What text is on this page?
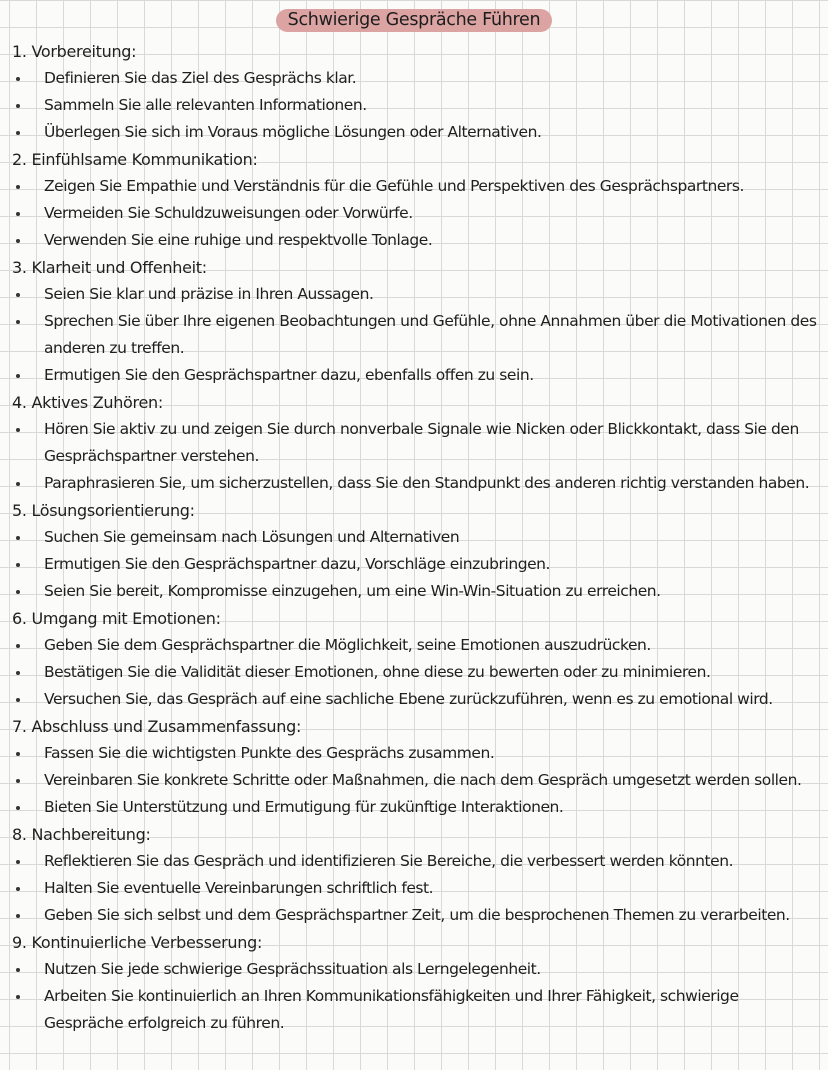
Schwierige Gespräche Führen
1. Vorbereitung:
Definieren Sie das Ziel des Gesprächs klar.
Sammeln Sie alle relevanten Informationen.
Überlegen Sie sich im Voraus mögliche Lösungen oder Alternativen.
2. Einfühlsame Kommunikation:
Zeigen Sie Empathie und Verständnis für die Gefühle und Perspektiven des Gesprächspartners.
Vermeiden Sie Schuldzuweisungen oder Vorwürfe.
Verwenden Sie eine ruhige und respektvolle Tonlage.
3. Klarheit und Offenheit:
Seien Sie klar und präzise in Ihren Aussagen.
Sprechen Sie über Ihre eigenen Beobachtungen und Gefühle, ohne Annahmen über die Motivationen des anderen zu treffen.
Ermutigen Sie den Gesprächspartner dazu, ebenfalls offen zu sein.
4. Aktives Zuhören:
Hören Sie aktiv zu und zeigen Sie durch nonverbale Signale wie Nicken oder Blickkontakt, dass Sie den Gesprächspartner verstehen.
Paraphrasieren Sie, um sicherzustellen, dass Sie den Standpunkt des anderen richtig verstanden haben.
5. Lösungsorientierung:
Suchen Sie gemeinsam nach Lösungen und Alternativen
Ermutigen Sie den Gesprächspartner dazu, Vorschläge einzubringen.
Seien Sie bereit, Kompromisse einzugehen, um eine Win-Win-Situation zu erreichen.
6. Umgang mit Emotionen:
Geben Sie dem Gesprächspartner die Möglichkeit, seine Emotionen auszudrücken.
Bestätigen Sie die Validität dieser Emotionen, ohne diese zu bewerten oder zu minimieren.
Versuchen Sie, das Gespräch auf eine sachliche Ebene zurückzuführen, wenn es zu emotional wird.
7. Abschluss und Zusammenfassung:
Fassen Sie die wichtigsten Punkte des Gesprächs zusammen.
Vereinbaren Sie konkrete Schritte oder Maßnahmen, die nach dem Gespräch umgesetzt werden sollen.
Bieten Sie Unterstützung und Ermutigung für zukünftige Interaktionen.
8. Nachbereitung:
Reflektieren Sie das Gespräch und identifizieren Sie Bereiche, die verbessert werden könnten.
Halten Sie eventuelle Vereinbarungen schriftlich fest.
Geben Sie sich selbst und dem Gesprächspartner Zeit, um die besprochenen Themen zu verarbeiten.
9. Kontinuierliche Verbesserung:
Nutzen Sie jede schwierige Gesprächssituation als Lerngelegenheit.
Arbeiten Sie kontinuierlich an Ihren Kommunikationsfähigkeiten und Ihrer Fähigkeit, schwierige Gespräche erfolgreich zu führen.
